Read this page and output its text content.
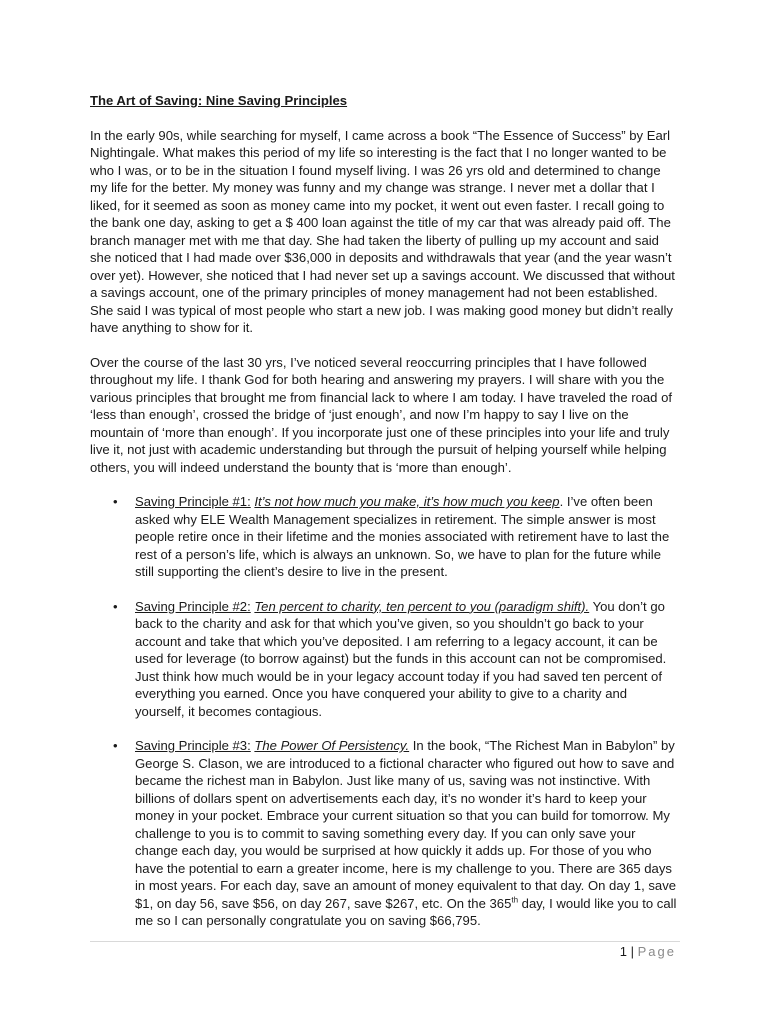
The Art of Saving: Nine Saving Principles

In the early 90s, while searching for myself, I came across a book “The Essence of Success” by Earl Nightingale. What makes this period of my life so interesting is the fact that I no longer wanted to be who I was, or to be in the situation I found myself living. I was 26 yrs old and determined to change my life for the better. My money was funny and my change was strange. I never met a dollar that I liked, for it seemed as soon as money came into my pocket, it went out even faster. I recall going to the bank one day, asking to get a $ 400 loan against the title of my car that was already paid off. The branch manager met with me that day. She had taken the liberty of pulling up my account and said she noticed that I had made over $36,000 in deposits and withdrawals that year (and the year wasn’t over yet). However, she noticed that I had never set up a savings account. We discussed that without a savings account, one of the primary principles of money management had not been established. She said I was typical of most people who start a new job. I was making good money but didn’t really have anything to show for it.

Over the course of the last 30 yrs, I’ve noticed several reoccurring principles that I have followed throughout my life. I thank God for both hearing and answering my prayers. I will share with you the various principles that brought me from financial lack to where I am today. I have traveled the road of ‘less than enough’, crossed the bridge of ‘just enough’, and now I’m happy to say I live on the mountain of ‘more than enough’. If you incorporate just one of these principles into your life and truly live it, not just with academic understanding but through the pursuit of helping yourself while helping others, you will indeed understand the bounty that is ‘more than enough’.

• Saving Principle #1: It’s not how much you make, it’s how much you keep. I’ve often been asked why ELE Wealth Management specializes in retirement. The simple answer is most people retire once in their lifetime and the monies associated with retirement have to last the rest of a person’s life, which is always an unknown. So, we have to plan for the future while still supporting the client’s desire to live in the present.
• Saving Principle #2: Ten percent to charity, ten percent to you (paradigm shift). You don’t go back to the charity and ask for that which you’ve given, so you shouldn’t go back to your account and take that which you’ve deposited. I am referring to a legacy account, it can be used for leverage (to borrow against) but the funds in this account can not be compromised. Just think how much would be in your legacy account today if you had saved ten percent of everything you earned. Once you have conquered your ability to give to a charity and yourself, it becomes contagious.
• Saving Principle #3: The Power Of Persistency. In the book, “The Richest Man in Babylon” by George S. Clason, we are introduced to a fictional character who figured out how to save and became the richest man in Babylon. Just like many of us, saving was not instinctive. With billions of dollars spent on advertisements each day, it’s no wonder it’s hard to keep your money in your pocket. Embrace your current situation so that you can build for tomorrow. My challenge to you is to commit to saving something every day. If you can only save your change each day, you would be surprised at how quickly it adds up. For those of you who have the potential to earn a greater income, here is my challenge to you. There are 365 days in most years. For each day, save an amount of money equivalent to that day. On day 1, save $1, on day 56, save $56, on day 267, save $267, etc. On the 365th day, I would like you to call me so I can personally congratulate you on saving $66,795.
1 | Page
